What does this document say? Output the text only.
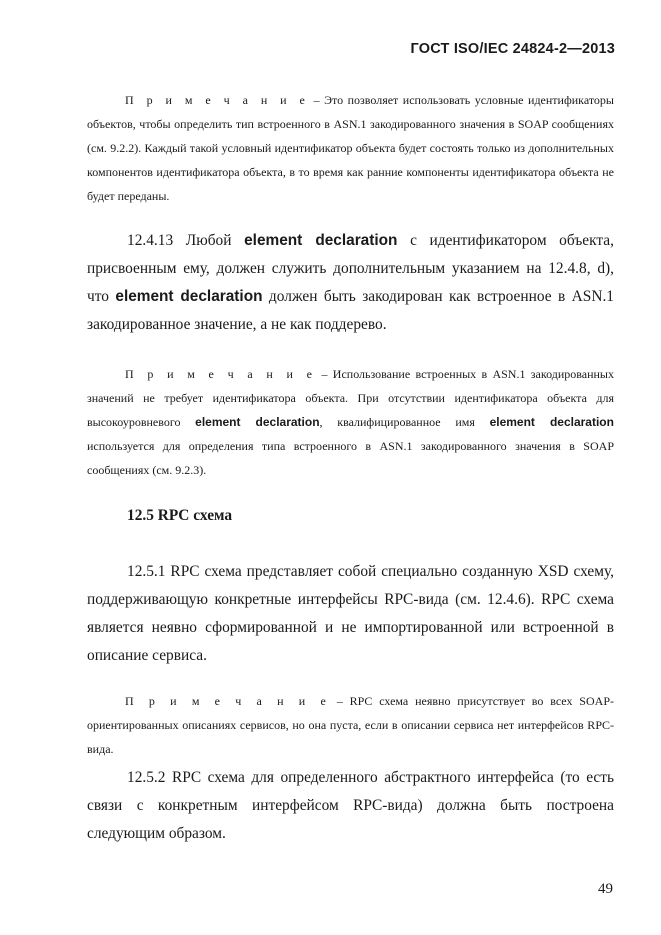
ГОСТ ISO/IEC 24824-2—2013

П р и м е ч а н и е – Это позволяет использовать условные идентификаторы объектов, чтобы определить тип встроенного в ASN.1 закодированного значения в SOAP сообщениях (см. 9.2.2). Каждый такой условный идентификатор объекта будет состоять только из дополнительных компонентов идентификатора объекта, в то время как ранние компоненты идентификатора объекта не будет переданы.

12.4.13 Любой element declaration с идентификатором объекта, присвоенным ему, должен служить дополнительным указанием на 12.4.8, d), что element declaration должен быть закодирован как встроенное в ASN.1 закодированное значение, а не как поддерево.

П р и м е ч а н и е – Использование встроенных в ASN.1 закодированных значений не требует идентификатора объекта. При отсутствии идентификатора объекта для высокоуровневого element declaration, квалифицированное имя element declaration используется для определения типа встроенного в ASN.1 закодированного значения в SOAP сообщениях (см. 9.2.3).

12.5 RPC схема

12.5.1 RPC схема представляет собой специально созданную XSD схему, поддерживающую конкретные интерфейсы RPC-вида (см. 12.4.6). RPC схема является неявно сформированной и не импортированной или встроенной в описание сервиса.

П р и м е ч а н и е – RPC схема неявно присутствует во всех SOAP-ориентированных описаниях сервисов, но она пуста, если в описании сервиса нет интерфейсов RPC-вида.

12.5.2 RPC схема для определенного абстрактного интерфейса (то есть связи с конкретным интерфейсом RPC-вида) должна быть построена следующим образом.

49
